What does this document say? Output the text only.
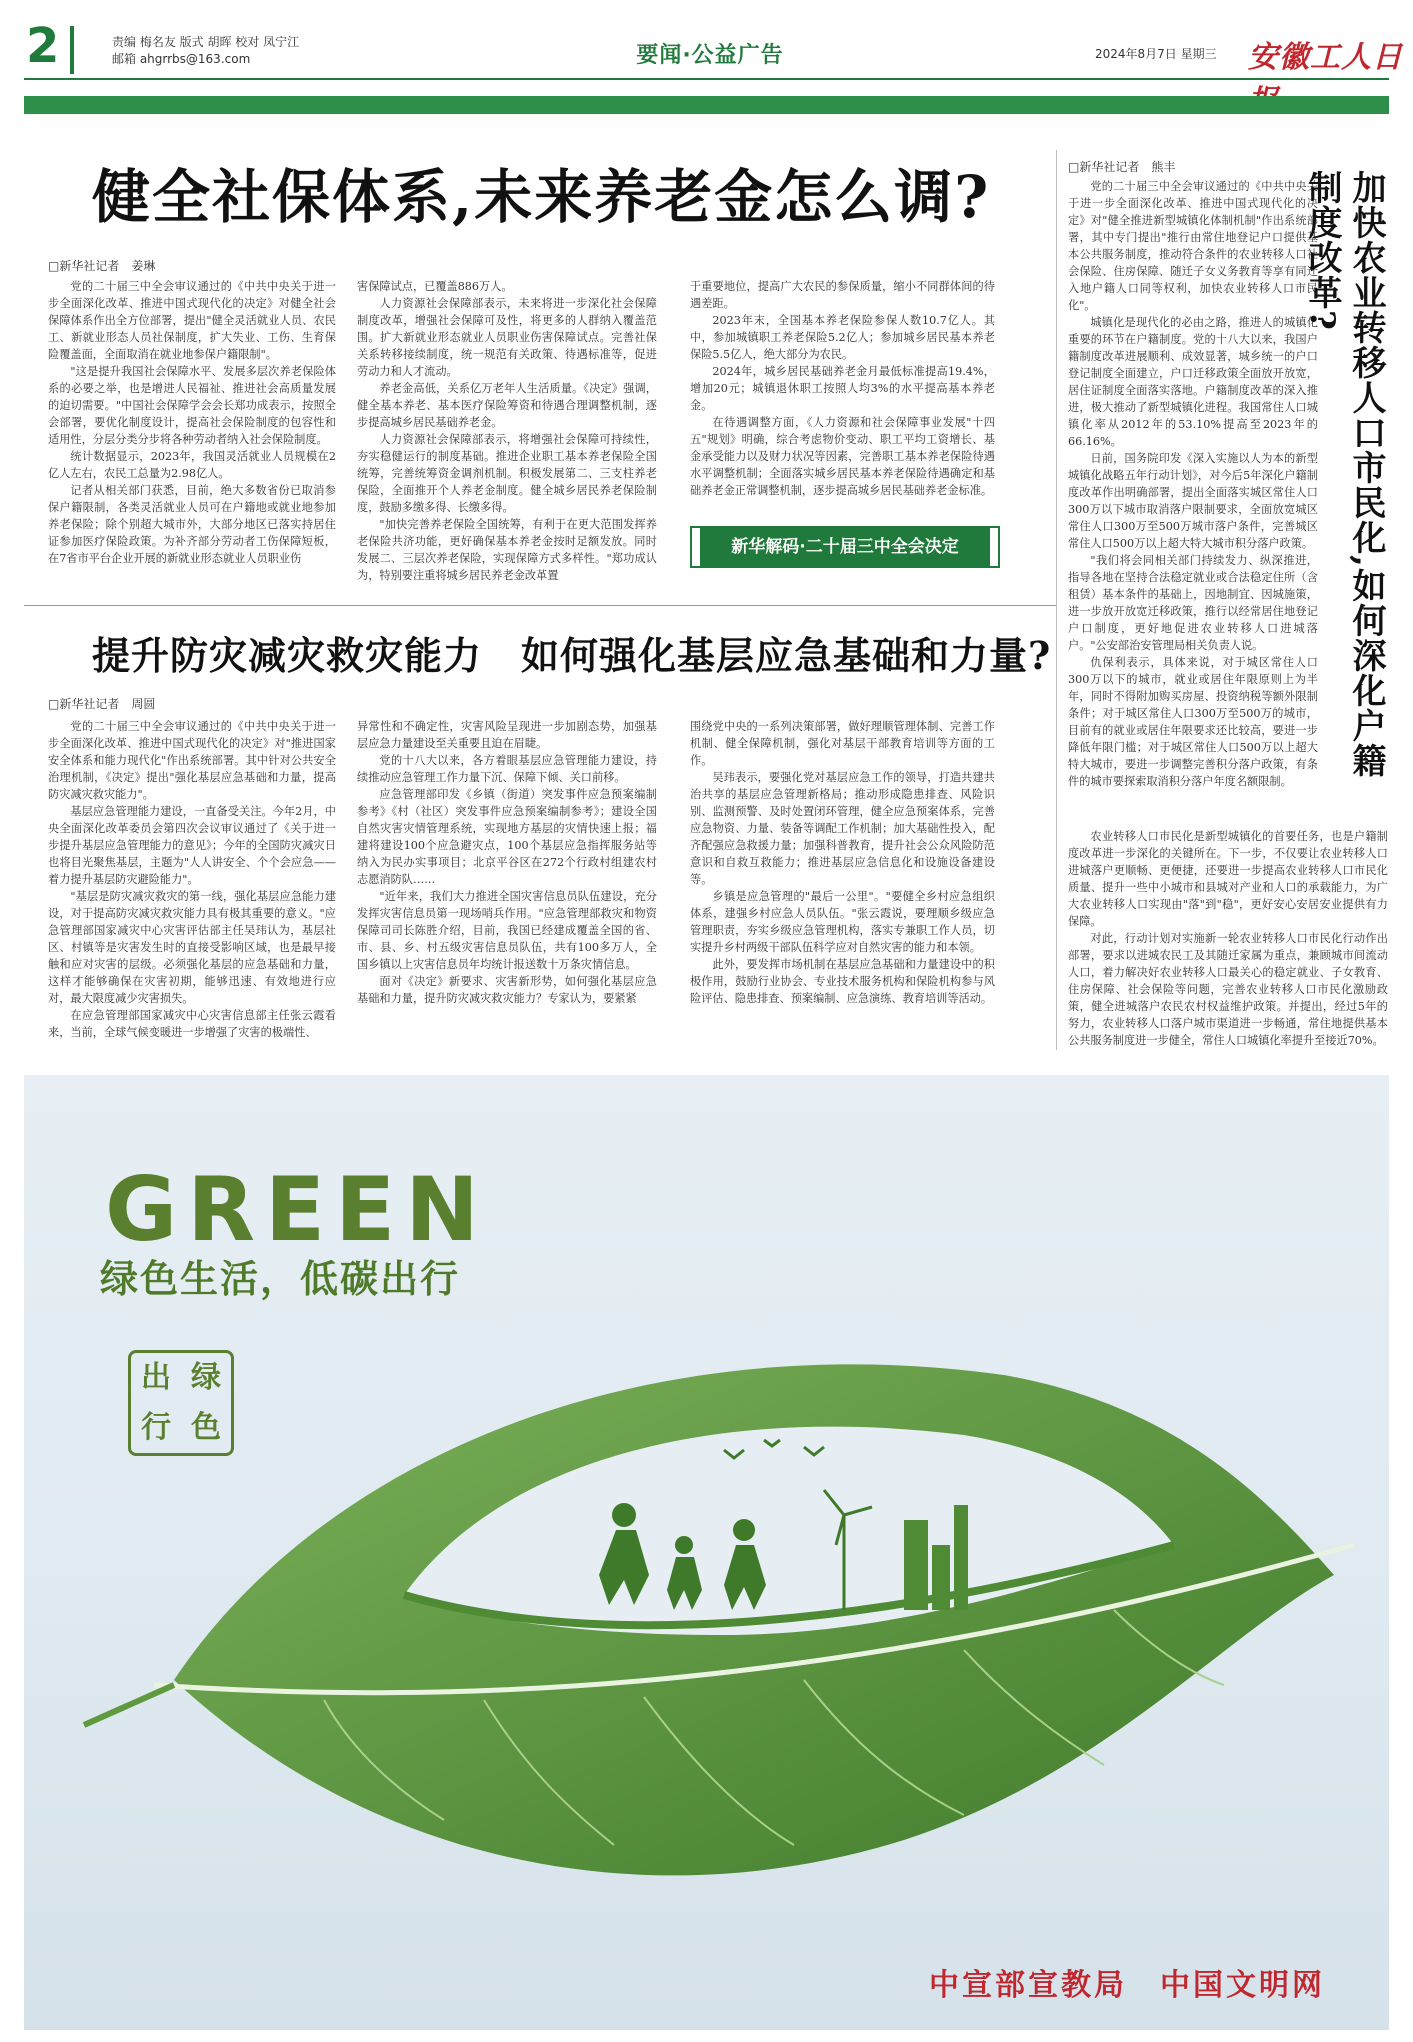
2	责编 梅名友 版式 胡晖 校对 凤宁江
邮箱 ahgrrbs@163.com	要闻·公益广告	2024年8月7日 星期三 安徽工人日
健全社保体系,未来养老金怎么调?
□新华社记者　姜琳

党的二十届三中全会审议通过的《中共中央关于进一步全面深化改革、推进中国式现代化的决定》对健全社会保障体系作出全方位部署，提出"健全灵活就业人员、农民工、新就业形态人员社保制度，扩大失业、工伤、生育保险覆盖面，全面取消在就业地参保户籍限制"。

"这是提升我国社会保障水平、发展多层次养老保险体系的必要之举，也是增进人民福祉、推进社会高质量发展的迫切需要。"中国社会保障学会会长郑功成表示，按照全会部署，要优化制度设计，提高社会保险制度的包容性和适用性，分层分类分步将各种劳动者纳入社会保险制度。

统计数据显示，2023年，我国灵活就业人员规模在2亿人左右，农民工总量为2.98亿人。

记者从相关部门获悉，目前，绝大多数省份已取消参保户籍限制，各类灵活就业人员可在户籍地或就业地参加养老保险；除个别超大城市外，大部分地区已落实持居住证参加医疗保险政策。为补齐部分劳动者工伤保障短板，在7省市平台企业开展的新就业形态就业人员职业伤

害保障试点，已覆盖886万人。

人力资源社会保障部表示，未来将进一步深化社会保障制度改革，增强社会保障可及性，将更多的人群纳入覆盖范围。扩大新就业形态就业人员职业伤害保障试点。完善社保关系转移接续制度，统一规范有关政策、待遇标准等，促进劳动力和人才流动。

养老金高低，关系亿万老年人生活质量。《决定》强调，健全基本养老、基本医疗保险筹资和待遇合理调整机制，逐步提高城乡居民基础养老金。

人力资源社会保障部表示，将增强社会保障可持续性，夯实稳健运行的制度基础。推进企业职工基本养老保险全国统筹，完善统筹资金调剂机制。积极发展第二、三支柱养老保险，全面推开个人养老金制度。健全城乡居民养老保险制度，鼓励多缴多得、长缴多得。

"加快完善养老保险全国统筹，有利于在更大范围发挥养老保险共济功能，更好确保基本养老金按时足额发放。同时发展二、三层次养老保险，实现保障方式多样性。"郑功成认为，特别要注重将城乡居民养老金改革置

于重要地位，提高广大农民的参保质量，缩小不同群体间的待遇差距。

2023年末，全国基本养老保险参保人数10.7亿人。其中，参加城镇职工养老保险5.2亿人；参加城乡居民基本养老保险5.5亿人，绝大部分为农民。

2024年，城乡居民基础养老金月最低标准提高19.4%，增加20元；城镇退休职工按照人均3%的水平提高基本养老金。

在待遇调整方面，《人力资源和社会保障事业发展"十四五"规划》明确，综合考虑物价变动、职工平均工资增长、基金承受能力以及财力状况等因素，完善职工基本养老保险待遇水平调整机制；全面落实城乡居民基本养老保险待遇确定和基础养老金正常调整机制，逐步提高城乡居民基础养老金标准。

新华解码·二十届三中全会决定
提升防灾减灾救灾能力　如何强化基层应急基础和力量?
□新华社记者　周圆

党的二十届三中全会审议通过的《中共中央关于进一步全面深化改革、推进中国式现代化的决定》对"推进国家安全体系和能力现代化"作出系统部署。其中针对公共安全治理机制，《决定》提出"强化基层应急基础和力量，提高防灾减灾救灾能力"。

基层应急管理能力建设，一直备受关注。今年2月，中央全面深化改革委员会第四次会议审议通过了《关于进一步提升基层应急管理能力的意见》；今年的全国防灾减灾日也将目光聚焦基层，主题为"人人讲安全、个个会应急——着力提升基层防灾避险能力"。

"基层是防灾减灾救灾的第一线，强化基层应急能力建设，对于提高防灾减灾救灾能力具有极其重要的意义。"应急管理部国家减灾中心灾害评估部主任吴玮认为，基层社区、村镇等是灾害发生时的直接受影响区域，也是最早接触和应对灾害的层级。必须强化基层的应急基础和力量，这样才能够确保在灾害初期，能够迅速、有效地进行应对，最大限度减少灾害损失。

在应急管理部国家减灾中心灾害信息部主任张云霞看来，当前，全球气候变暖进一步增强了灾害的极端性、

异常性和不确定性，灾害风险呈现进一步加剧态势，加强基层应急力量建设至关重要且迫在眉睫。

党的十八大以来，各方着眼基层应急管理能力建设，持续推动应急管理工作力量下沉、保障下倾、关口前移。

应急管理部印发《乡镇（街道）突发事件应急预案编制参考》《村（社区）突发事件应急预案编制参考》；建设全国自然灾害灾情管理系统，实现地方基层的灾情快速上报；福建将建设100个应急避灾点，100个基层应急指挥服务站等纳入为民办实事项目；北京平谷区在272个行政村组建农村志愿消防队……

"近年来，我们大力推进全国灾害信息员队伍建设，充分发挥灾害信息员第一现场哨兵作用。"应急管理部救灾和物资保障司司长陈胜介绍，目前，我国已经建成覆盖全国的省、市、县、乡、村五级灾害信息员队伍，共有100多万人，全国乡镇以上灾害信息员年均统计报送数十万条灾情信息。

面对《决定》新要求、灾害新形势，如何强化基层应急基础和力量，提升防灾减灾救灾能力？专家认为，要紧紧

围绕党中央的一系列决策部署，做好理顺管理体制、完善工作机制、健全保障机制，强化对基层干部教育培训等方面的工作。

吴玮表示，要强化党对基层应急工作的领导，打造共建共治共享的基层应急管理新格局；推动形成隐患排查、风险识别、监测预警、及时处置闭环管理，健全应急预案体系，完善应急物资、力量、装备等调配工作机制；加大基础性投入，配齐配强应急救援力量；加强科普教育，提升社会公众风险防范意识和自救互救能力；推进基层应急信息化和设施设备建设等。

乡镇是应急管理的"最后一公里"。"要健全乡村应急组织体系，建强乡村应急人员队伍。"张云霞说，要理顺乡级应急管理职责，夯实乡级应急管理机构，落实专兼职工作人员，切实提升乡村两级干部队伍科学应对自然灾害的能力和本领。

此外，要发挥市场机制在基层应急基础和力量建设中的积极作用，鼓励行业协会、专业技术服务机构和保险机构参与风险评估、隐患排查、预案编制、应急演练、教育培训等活动。

□新华社记者　熊丰

党的二十届三中全会审议通过的《中共中央关于进一步全面深化改革、推进中国式现代化的决定》对"健全推进新型城镇化体制机制"作出系统部署，其中专门提出"推行由常住地登记户口提供基本公共服务制度，推动符合条件的农业转移人口社会保险、住房保障、随迁子女义务教育等享有同迁入地户籍人口同等权利，加快农业转移人口市民化"。

城镇化是现代化的必由之路，推进人的城镇化重要的环节在户籍制度。党的十八大以来，我国户籍制度改革进展顺利、成效显著，城乡统一的户口登记制度全面建立，户口迁移政策全面放开放宽，居住证制度全面落实落地。户籍制度改革的深入推进，极大推动了新型城镇化进程。我国常住人口城镇化率从2012年的53.10%提高至2023年的66.16%。

日前，国务院印发《深入实施以人为本的新型城镇化战略五年行动计划》，对今后5年深化户籍制度改革作出明确部署，提出全面落实城区常住人口300万以下城市取消落户限制要求，全面放宽城区常住人口300万至500万城市落户条件，完善城区常住人口500万以上超大特大城市积分落户政策。

"我们将会同相关部门持续发力、纵深推进，指导各地在坚持合法稳定就业或合法稳定住所（含租赁）基本条件的基础上，因地制宜、因城施策，进一步放开放宽迁移政策，推行以经常居住地登记户口制度，更好地促进农业转移人口进城落户。"公安部治安管理局相关负责人说。

仇保利表示，具体来说，对于城区常住人口300万以下的城市，就业或居住年限原则上为半年，同时不得附加购买房屋、投资纳税等额外限制条件；对于城区常住人口300万至500万的城市，目前有的就业或居住年限要求还比较高，要进一步降低年限门槛；对于城区常住人口500万以上超大特大城市，要进一步调整完善积分落户政策，有条件的城市要探索取消积分落户年度名额限制。

加快农业转移人口市民化,如何深化户籍制度改革?

农业转移人口市民化是新型城镇化的首要任务，也是户籍制度改革进一步深化的关键所在。下一步，不仅要让农业转移人口进城落户更顺畅、更便捷，还要进一步提高农业转移人口市民化质量、提升一些中小城市和县城对产业和人口的承载能力，为广大农业转移人口实现由"落"到"稳"，更好安心安居安业提供有力保障。

对此，行动计划对实施新一轮农业转移人口市民化行动作出部署，要求以进城农民工及其随迁家属为重点，兼顾城市间流动人口，着力解决好农业转移人口最关心的稳定就业、子女教育、住房保障、社会保险等问题，完善农业转移人口市民化激励政策，健全进城落户农民农村权益维护政策。并提出，经过5年的努力，农业转移人口落户城市渠道进一步畅通，常住地提供基本公共服务制度进一步健全，常住人口城镇化率提升至接近70%。

GREEN
绿色生活，低碳出行
出 绿
行 色
中宣部宣教局　中国文明网
